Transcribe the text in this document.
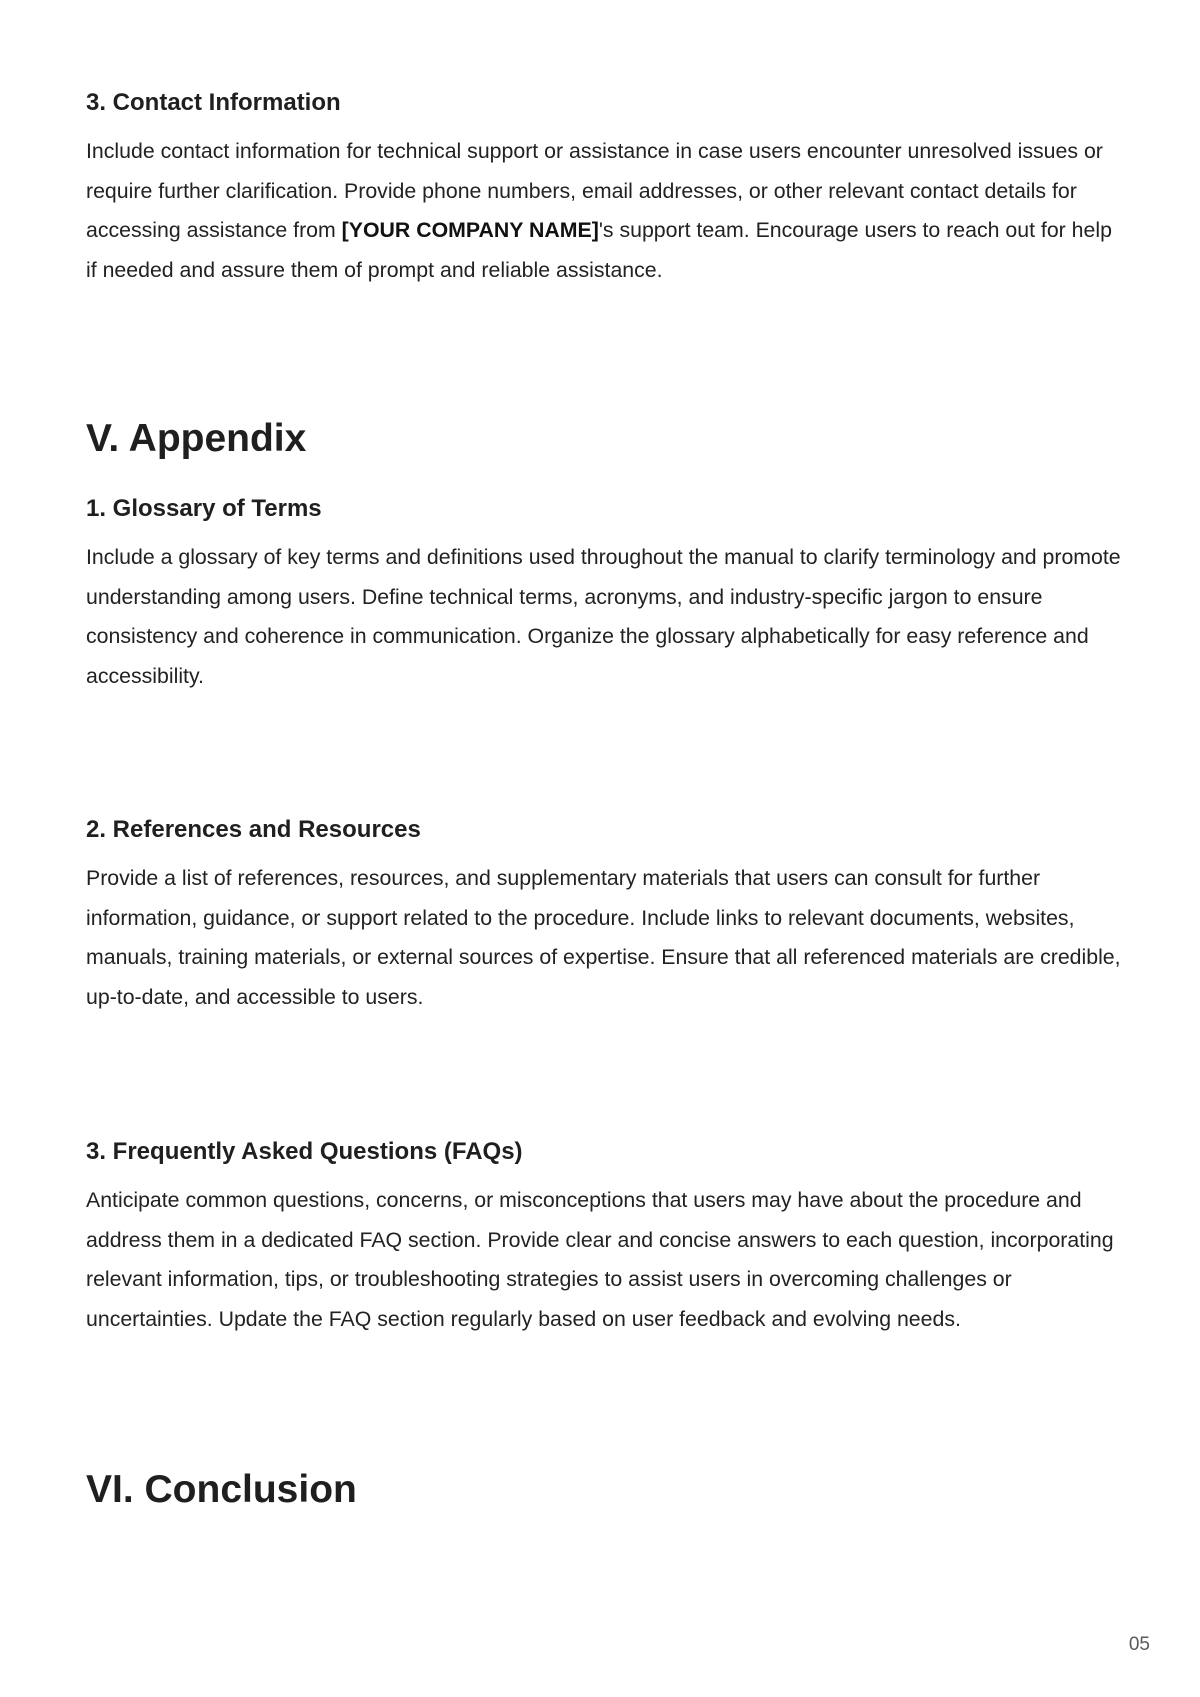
3. Contact Information

Include contact information for technical support or assistance in case users encounter unresolved issues or require further clarification. Provide phone numbers, email addresses, or other relevant contact details for accessing assistance from [YOUR COMPANY NAME]'s support team. Encourage users to reach out for help if needed and assure them of prompt and reliable assistance.

V. Appendix
1. Glossary of Terms

Include a glossary of key terms and definitions used throughout the manual to clarify terminology and promote understanding among users. Define technical terms, acronyms, and industry-specific jargon to ensure consistency and coherence in communication. Organize the glossary alphabetically for easy reference and accessibility.

2. References and Resources

Provide a list of references, resources, and supplementary materials that users can consult for further information, guidance, or support related to the procedure. Include links to relevant documents, websites, manuals, training materials, or external sources of expertise. Ensure that all referenced materials are credible, up-to-date, and accessible to users.

3. Frequently Asked Questions (FAQs)

Anticipate common questions, concerns, or misconceptions that users may have about the procedure and address them in a dedicated FAQ section. Provide clear and concise answers to each question, incorporating relevant information, tips, or troubleshooting strategies to assist users in overcoming challenges or uncertainties. Update the FAQ section regularly based on user feedback and evolving needs.

VI. Conclusion
05
